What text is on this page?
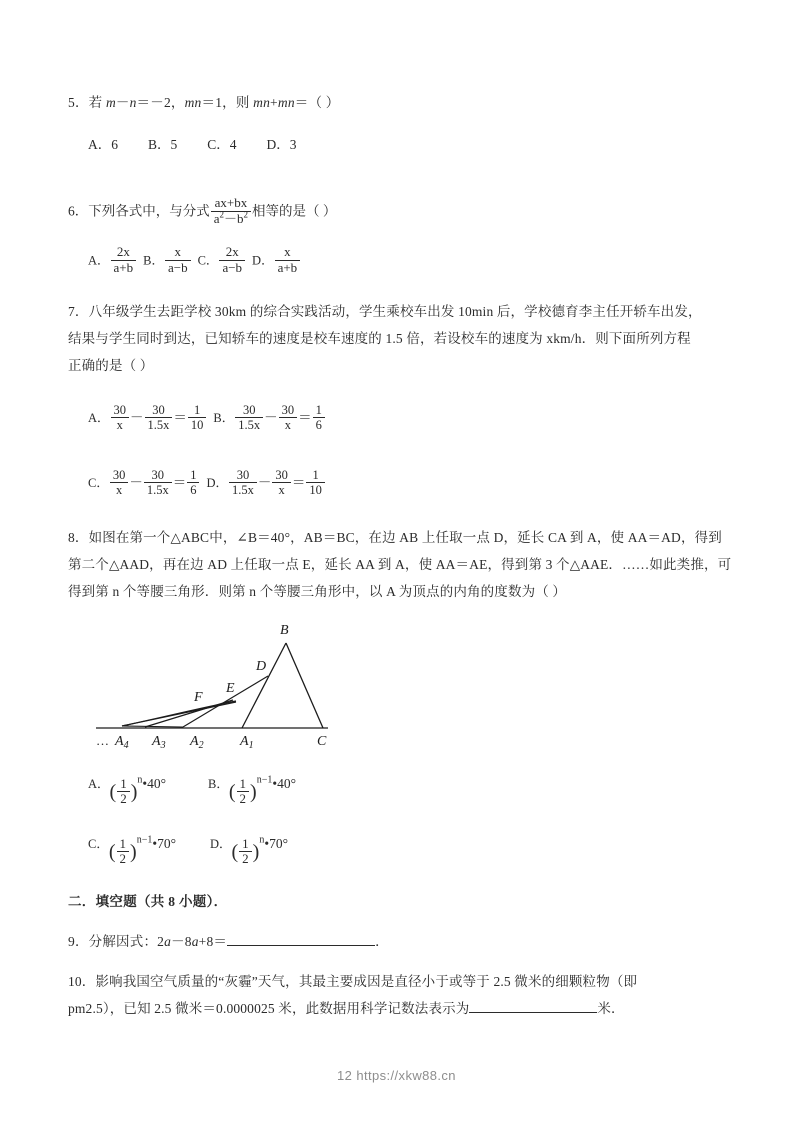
5．若 m－n＝－2，mn＝1，则 mn+mn＝（ ）
A．6 B．5 C．4 D．3
6．下列各式中，与分式 $\frac{ax+bx}{a^2-b^2}$ 相等的是（ ）
A． $\frac{2x}{a+b}$ B． $\frac{x}{a-b}$ C． $\frac{2x}{a-b}$ D． $\frac{x}{a+b}$
7．八年级学生去距学校 30km 的综合实践活动，学生乘校车出发 10min 后，学校德育李主任开轿车出发，
结果与学生同时到达，已知轿车的速度是校车速度的 1.5 倍，若设校车的速度为 xkm/h．则下面所列方程
正确的是（ ）
A． $\frac{30}{x} - \frac{30}{1.5x} = \frac{1}{10}$ B． $\frac{30}{1.5x} - \frac{30}{x} = \frac{1}{6}$
C． $\frac{30}{x} - \frac{30}{1.5x} = \frac{1}{6}$ D． $\frac{30}{1.5x} - \frac{30}{x} = \frac{1}{10}$
8．如图在第一个△ABC中，∠B＝40°，AB＝BC，在边 AB 上任取一点 D，延长 CA 到 A，使 AA＝AD，得到
第二个△AAD，再在边 AD 上任取一点 E，延长 AA 到 A，使 AA＝AE，得到第 3 个△AAE．……如此类推，可
得到第 n 个等腰三角形．则第 n 个等腰三角形中，以 A 为顶点的内角的度数为（ ）
B
D
E
F
C
… $A_4$ $A_3$ $A_2$	$A_1$
A．( $\frac{1}{2}$ )$^n$•40°	B．( $\frac{1}{2}$ )$^{n-1}$•40°
C．( $\frac{1}{2}$ )$^{n-1}$•70°	D．( $\frac{1}{2}$ )$^n$•70°
二．填空题（共 8 小题）．
9．分解因式：2a－8a+8＝	．
10．影响我国空气质量的“灰霾”天气，其最主要成因是直径小于或等于 2.5 微米的细颗粒物（即
pm2.5），已知 2.5 微米＝0.0000025 米，此数据用科学记数法表示为	米．
12 https://xkw88.cn
